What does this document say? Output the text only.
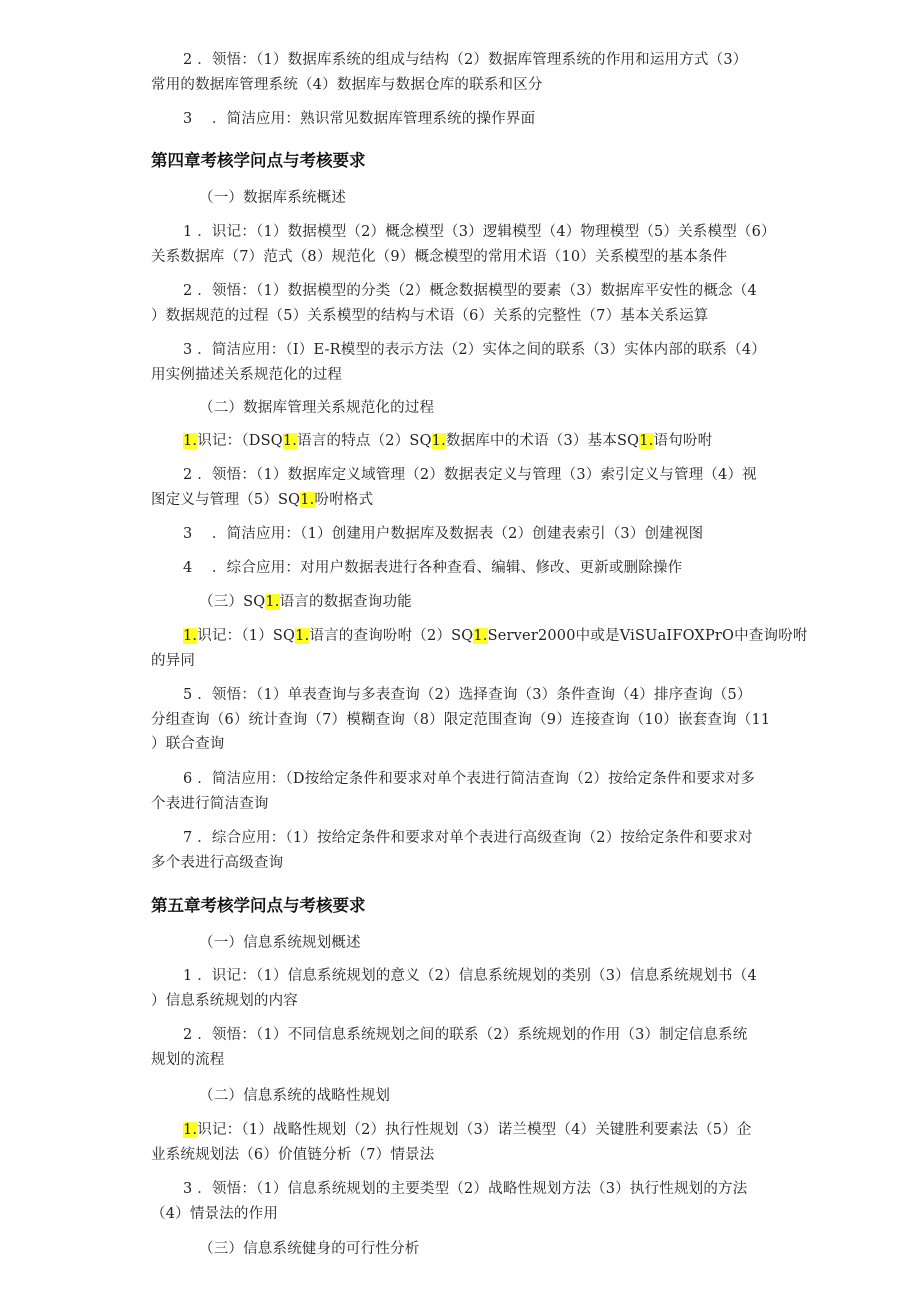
2 ．领悟：（1）数据库系统的组成与结构（2）数据库管理系统的作用和运用方式（3）
常用的数据库管理系统（4）数据库与数据仓库的联系和区分
3　 ．简洁应用：熟识常见数据库管理系统的操作界面
第四章考核学问点与考核要求
（一）数据库系统概述
1 ．识记：（1）数据模型（2）概念模型（3）逻辑模型（4）物理模型（5）关系模型（6）
关系数据库（7）范式（8）规范化（9）概念模型的常用术语（10）关系模型的基本条件
2 ．领悟：（1）数据模型的分类（2）概念数据模型的要素（3）数据库平安性的概念（4
）数据规范的过程（5）关系模型的结构与术语（6）关系的完整性（7）基本关系运算
3 ．简洁应用：（I）E-R模型的表示方法（2）实体之间的联系（3）实体内部的联系（4）
用实例描述关系规范化的过程
（二）数据库管理关系规范化的过程
1.识记：（DSQ1.语言的特点（2）SQ1.数据库中的术语（3）基本SQ1.语句吩咐
2 ．领悟：（1）数据库定义域管理（2）数据表定义与管理（3）索引定义与管理（4）视
图定义与管理（5）SQ1.吩咐格式
3　 ．简洁应用：（1）创建用户数据库及数据表（2）创建表索引（3）创建视图
4　 ．综合应用：对用户数据表进行各种查看、编辑、修改、更新或删除操作
（三）SQ1.语言的数据查询功能
1.识记：（1）SQ1.语言的查询吩咐（2）SQ1.Server2000中或是ViSUaIFOXPrO中查询吩咐
的异同
5 ．领悟：（1）单表查询与多表查询（2）选择查询（3）条件查询（4）排序查询（5）
分组查询（6）统计查询（7）模糊查询（8）限定范围查询（9）连接查询（10）嵌套查询（11
）联合查询
6 ．简洁应用：（D按给定条件和要求对单个表进行简洁查询（2）按给定条件和要求对多
个表进行简洁查询
7 ．综合应用：（1）按给定条件和要求对单个表进行高级查询（2）按给定条件和要求对
多个表进行高级查询
第五章考核学问点与考核要求
（一）信息系统规划概述
1 ．识记：（1）信息系统规划的意义（2）信息系统规划的类别（3）信息系统规划书（4
）信息系统规划的内容
2 ．领悟：（1）不同信息系统规划之间的联系（2）系统规划的作用（3）制定信息系统
规划的流程
（二）信息系统的战略性规划
1.识记：（1）战略性规划（2）执行性规划（3）诺兰模型（4）关键胜利要素法（5）企
业系统规划法（6）价值链分析（7）情景法
3 ．领悟：（1）信息系统规划的主要类型（2）战略性规划方法（3）执行性规划的方法
（4）情景法的作用
（三）信息系统健身的可行性分析
